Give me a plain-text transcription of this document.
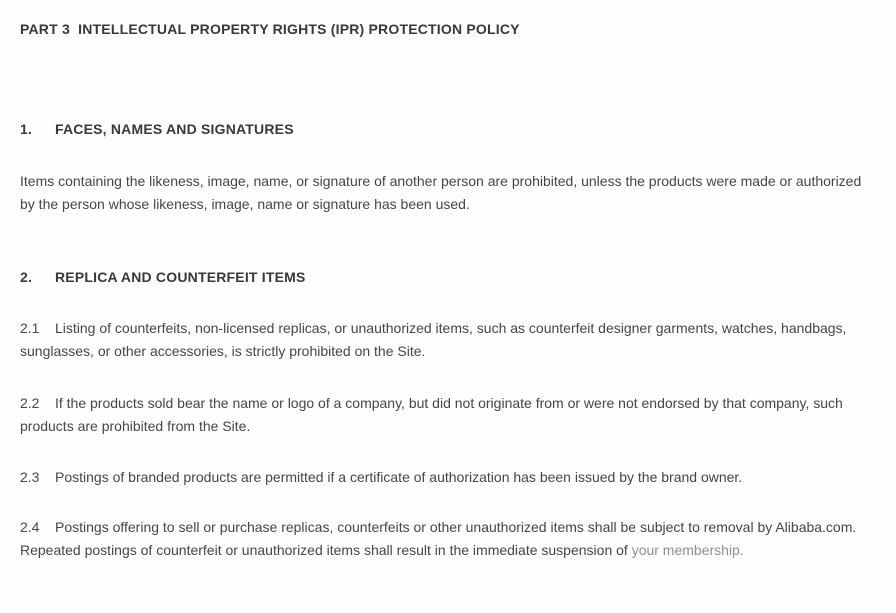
PART 3  INTELLECTUAL PROPERTY RIGHTS (IPR) PROTECTION POLICY
1. FACES, NAMES AND SIGNATURES
Items containing the likeness, image, name, or signature of another person are prohibited, unless the products were made or authorized by the person whose likeness, image, name or signature has been used.
2. REPLICA AND COUNTERFEIT ITEMS
2.1 Listing of counterfeits, non-licensed replicas, or unauthorized items, such as counterfeit designer garments, watches, handbags, sunglasses, or other accessories, is strictly prohibited on the Site.
2.2 If the products sold bear the name or logo of a company, but did not originate from or were not endorsed by that company, such products are prohibited from the Site.
2.3 Postings of branded products are permitted if a certificate of authorization has been issued by the brand owner.
2.4 Postings offering to sell or purchase replicas, counterfeits or other unauthorized items shall be subject to removal by Alibaba.com. Repeated postings of counterfeit or unauthorized items shall result in the immediate suspension of your membership.
